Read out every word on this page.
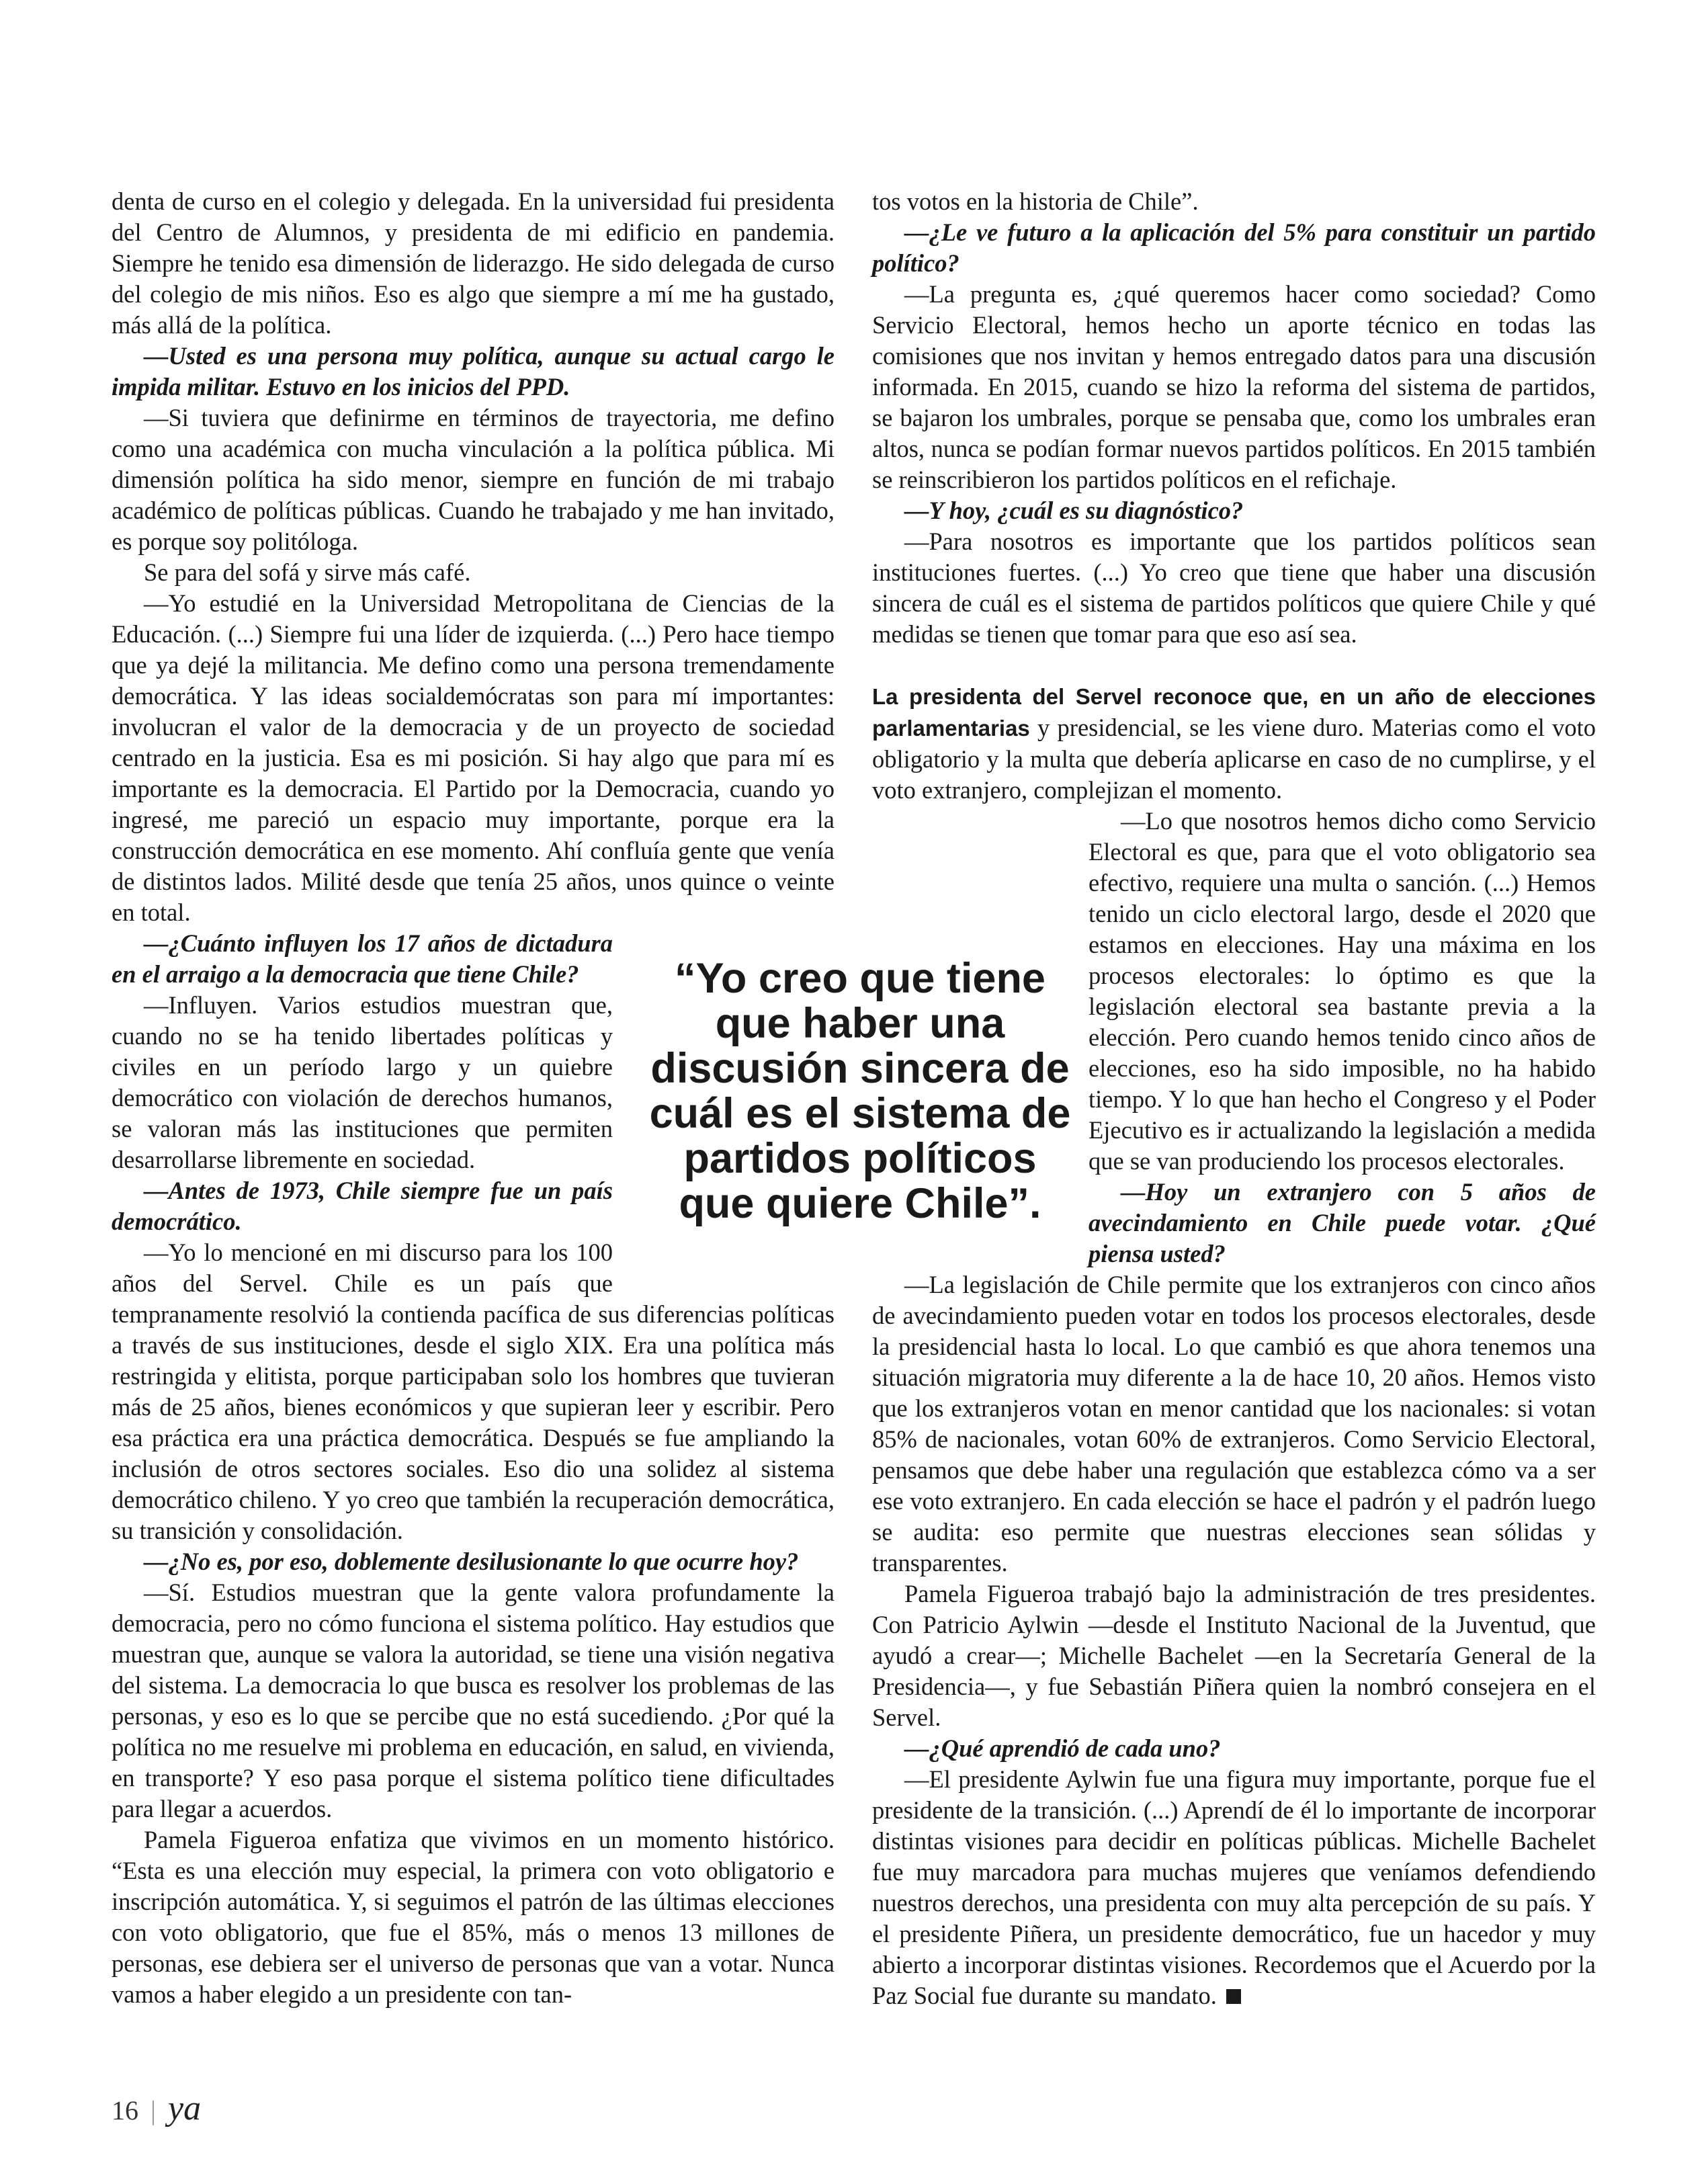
denta de curso en el colegio y delegada. En la universidad fui presidenta del Centro de Alumnos, y presidenta de mi edificio en pandemia. Siempre he tenido esa dimensión de liderazgo. He sido delegada de curso del colegio de mis niños. Eso es algo que siempre a mí me ha gustado, más allá de la política.

—Usted es una persona muy política, aunque su actual cargo le impida militar. Estuvo en los inicios del PPD.

—Si tuviera que definirme en términos de trayectoria, me defino como una académica con mucha vinculación a la política pública. Mi dimensión política ha sido menor, siempre en función de mi trabajo académico de políticas públicas. Cuando he trabajado y me han invitado, es porque soy politóloga.

Se para del sofá y sirve más café.

—Yo estudié en la Universidad Metropolitana de Ciencias de la Educación. (...) Siempre fui una líder de izquierda. (...) Pero hace tiempo que ya dejé la militancia. Me defino como una persona tremendamente democrática. Y las ideas socialdemócratas son para mí importantes: involucran el valor de la democracia y de un proyecto de sociedad centrado en la justicia. Esa es mi posición. Si hay algo que para mí es importante es la democracia. El Partido por la Democracia, cuando yo ingresé, me pareció un espacio muy importante, porque era la construcción democrática en ese momento. Ahí confluía gente que venía de distintos lados. Milité desde que tenía 25 años, unos quince o veinte en total.

—¿Cuánto influyen los 17 años de dictadura en el arraigo a la democracia que tiene Chile?

—Influyen. Varios estudios muestran que, cuando no se ha tenido libertades políticas y civiles en un período largo y un quiebre democrático con violación de derechos humanos, se valoran más las instituciones que permiten desarrollarse libremente en sociedad.

—Antes de 1973, Chile siempre fue un país democrático.

—Yo lo mencioné en mi discurso para los 100 años del Servel. Chile es un país que tempranamente resolvió la contienda pacífica de sus diferencias políticas a través de sus instituciones, desde el siglo XIX. Era una política más restringida y elitista, porque participaban solo los hombres que tuvieran más de 25 años, bienes económicos y que supieran leer y escribir. Pero esa práctica era una práctica democrática. Después se fue ampliando la inclusión de otros sectores sociales. Eso dio una solidez al sistema democrático chileno. Y yo creo que también la recuperación democrática, su transición y consolidación.

—¿No es, por eso, doblemente desilusionante lo que ocurre hoy?

—Sí. Estudios muestran que la gente valora profundamente la democracia, pero no cómo funciona el sistema político. Hay estudios que muestran que, aunque se valora la autoridad, se tiene una visión negativa del sistema. La democracia lo que busca es resolver los problemas de las personas, y eso es lo que se percibe que no está sucediendo. ¿Por qué la política no me resuelve mi problema en educación, en salud, en vivienda, en transporte? Y eso pasa porque el sistema político tiene dificultades para llegar a acuerdos.

Pamela Figueroa enfatiza que vivimos en un momento histórico. “Esta es una elección muy especial, la primera con voto obligatorio e inscripción automática. Y, si seguimos el patrón de las últimas elecciones con voto obligatorio, que fue el 85%, más o menos 13 millones de personas, ese debiera ser el universo de personas que van a votar. Nunca vamos a haber elegido a un presidente con tan-

tos votos en la historia de Chile”.

—¿Le ve futuro a la aplicación del 5% para constituir un partido político?

—La pregunta es, ¿qué queremos hacer como sociedad? Como Servicio Electoral, hemos hecho un aporte técnico en todas las comisiones que nos invitan y hemos entregado datos para una discusión informada. En 2015, cuando se hizo la reforma del sistema de partidos, se bajaron los umbrales, porque se pensaba que, como los umbrales eran altos, nunca se podían formar nuevos partidos políticos. En 2015 también se reinscribieron los partidos políticos en el refichaje.

—Y hoy, ¿cuál es su diagnóstico?

—Para nosotros es importante que los partidos políticos sean instituciones fuertes. (...) Yo creo que tiene que haber una discusión sincera de cuál es el sistema de partidos políticos que quiere Chile y qué medidas se tienen que tomar para que eso así sea.

La presidenta del Servel reconoce que, en un año de elecciones parlamentarias y presidencial, se les viene duro. Materias como el voto obligatorio y la multa que debería aplicarse en caso de no cumplirse, y el voto extranjero, complejizan el momento.

—Lo que nosotros hemos dicho como Servicio Electoral es que, para que el voto obligatorio sea efectivo, requiere una multa o sanción. (...) Hemos tenido un ciclo electoral largo, desde el 2020 que estamos en elecciones. Hay una máxima en los procesos electorales: lo óptimo es que la legislación electoral sea bastante previa a la elección. Pero cuando hemos tenido cinco años de elecciones, eso ha sido imposible, no ha habido tiempo. Y lo que han hecho el Congreso y el Poder Ejecutivo es ir actualizando la legislación a medida que se van produciendo los procesos electorales.

—Hoy un extranjero con 5 años de avecindamiento en Chile puede votar. ¿Qué piensa usted?

—La legislación de Chile permite que los extranjeros con cinco años de avecindamiento pueden votar en todos los procesos electorales, desde la presidencial hasta lo local. Lo que cambió es que ahora tenemos una situación migratoria muy diferente a la de hace 10, 20 años. Hemos visto que los extranjeros votan en menor cantidad que los nacionales: si votan 85% de nacionales, votan 60% de extranjeros. Como Servicio Electoral, pensamos que debe haber una regulación que establezca cómo va a ser ese voto extranjero. En cada elección se hace el padrón y el padrón luego se audita: eso permite que nuestras elecciones sean sólidas y transparentes.

Pamela Figueroa trabajó bajo la administración de tres presidentes. Con Patricio Aylwin —desde el Instituto Nacional de la Juventud, que ayudó a crear—; Michelle Bachelet —en la Secretaría General de la Presidencia—, y fue Sebastián Piñera quien la nombró consejera en el Servel.

—¿Qué aprendió de cada uno?

—El presidente Aylwin fue una figura muy importante, porque fue el presidente de la transición. (...) Aprendí de él lo importante de incorporar distintas visiones para decidir en políticas públicas. Michelle Bachelet fue muy marcadora para muchas mujeres que veníamos defendiendo nuestros derechos, una presidenta con muy alta percepción de su país. Y el presidente Piñera, un presidente democrático, fue un hacedor y muy abierto a incorporar distintas visiones. Recordemos que el Acuerdo por la Paz Social fue durante su mandato.

“Yo creo que tiene que haber una discusión sincera de cuál es el sistema de partidos políticos que quiere Chile”.
16 | ya
